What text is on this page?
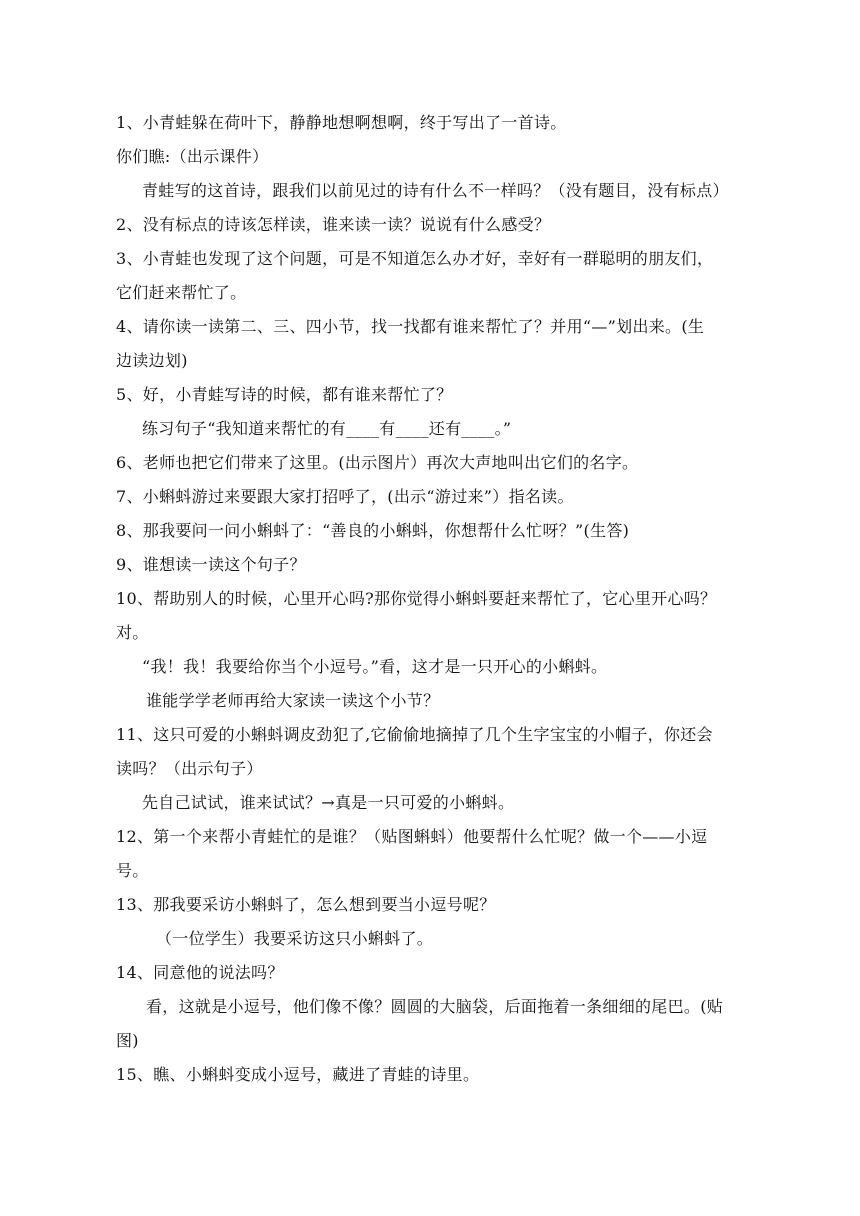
1、小青蛙躲在荷叶下，静静地想啊想啊，终于写出了一首诗。
你们瞧:（出示课件）
青蛙写的这首诗，跟我们以前见过的诗有什么不一样吗？（没有题目，没有标点）
2、没有标点的诗该怎样读，谁来读一读？说说有什么感受？
3、小青蛙也发现了这个问题，可是不知道怎么办才好，幸好有一群聪明的朋友们，
它们赶来帮忙了。
4、请你读一读第二、三、四小节，找一找都有谁来帮忙了？并用“—”划出来。(生
边读边划)
5、好，小青蛙写诗的时候，都有谁来帮忙了？
练习句子“我知道来帮忙的有____有____还有____。”
6、老师也把它们带来了这里。(出示图片）再次大声地叫出它们的名字。
7、小蝌蚪游过来要跟大家打招呼了，(出示“游过来”）指名读。
8、那我要问一问小蝌蚪了：“善良的小蝌蚪，你想帮什么忙呀？”(生答)
9、谁想读一读这个句子？
10、帮助别人的时候，心里开心吗?那你觉得小蝌蚪要赶来帮忙了，它心里开心吗？
对。
“我！我！我要给你当个小逗号。”看，这才是一只开心的小蝌蚪。
谁能学学老师再给大家读一读这个小节？
11、这只可爱的小蝌蚪调皮劲犯了,它偷偷地摘掉了几个生字宝宝的小帽子，你还会
读吗？（出示句子）
先自己试试，谁来试试？→真是一只可爱的小蝌蚪。
12、第一个来帮小青蛙忙的是谁？（贴图蝌蚪）他要帮什么忙呢？做一个——小逗
号。
13、那我要采访小蝌蚪了，怎么想到要当小逗号呢？
（一位学生）我要采访这只小蝌蚪了。
14、同意他的说法吗？
看，这就是小逗号，他们像不像？圆圆的大脑袋，后面拖着一条细细的尾巴。(贴
图)
15、瞧、小蝌蚪变成小逗号，藏进了青蛙的诗里。
